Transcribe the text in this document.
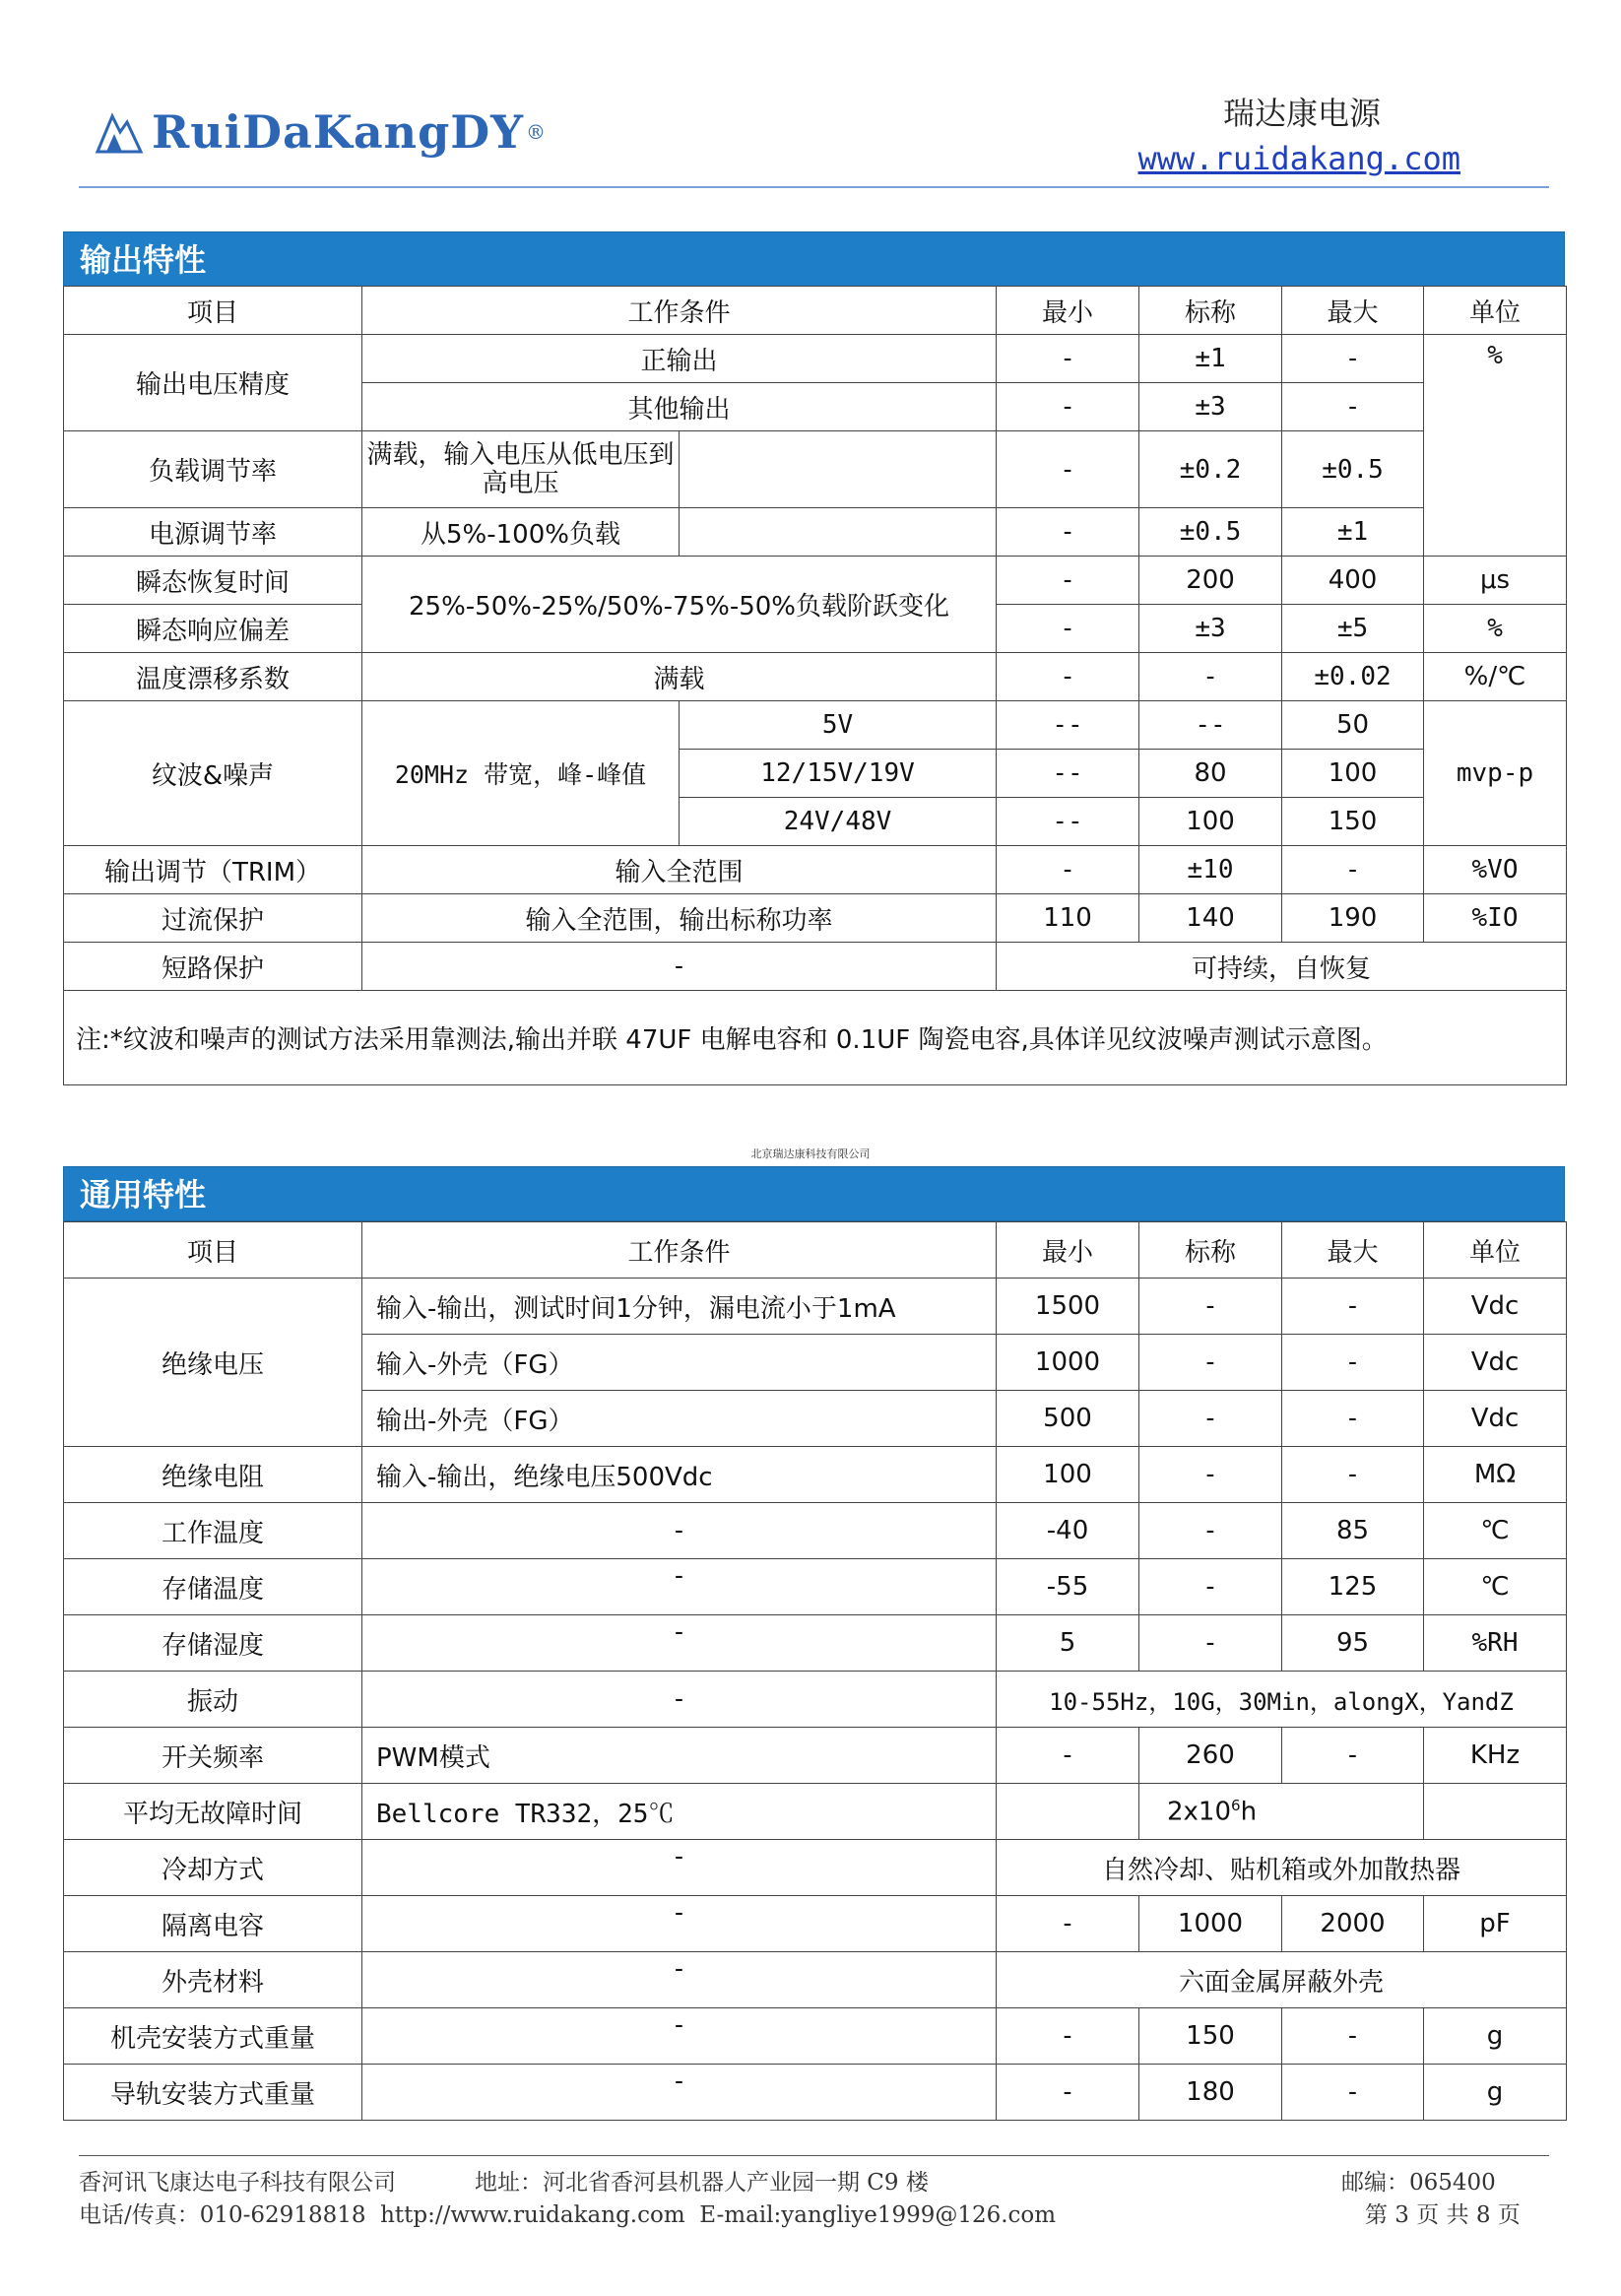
RuiDaKangDY ®	瑞达康电源
www.ruidakang.com
输出特性
项目	工作条件		最小	标称	最大	单位
输出电压精度	正输出		-	±1	-	%
	其他输出		-	±3	-	
负载调节率	满载，输入电压从低电压到高电压		-	±0.2	±0.5	
电源调节率	从5%-100%负载		-	±0.5	±1	
瞬态恢复时间	25%-50%-25%/50%-75%-50%负载阶跃变化		-	200	400	μs
瞬态响应偏差			-	±3	±5	%
温度漂移系数	满载		-	-	±0.02	%/℃
纹波&噪声	20MHz 带宽，峰-峰值	5V	--	--	50	mvp-p
		12/15V/19V	--	80	100	
		24V/48V	--	100	150	
输出调节（TRIM）	输入全范围		-	±10	-	%VO
过流保护	输入全范围，输出标称功率		110	140	190	%IO
短路保护	-		可持续，自恢复			
注:*纹波和噪声的测试方法采用靠测法,输出并联 47UF 电解电容和 0.1UF 陶瓷电容,具体详见纹波噪声测试示意图。						
北京瑞达康科技有限公司
通用特性
项目	工作条件	最小	标称	最大	单位
绝缘电压	输入-输出，测试时间1分钟，漏电流小于1mA	1500	-	-	Vdc
	输入-外壳（FG）	1000	-	-	Vdc
	输出-外壳（FG）	500	-	-	Vdc
绝缘电阻	输入-输出，绝缘电压500Vdc	100	-	-	MΩ
工作温度	-	-40	-	85	℃
存储温度	-	-55	-	125	℃
存储湿度	-	5	-	95	%RH
振动	-	10-55Hz，10G，30Min，alongX，YandZ			
开关频率	PWM模式	-	260	-	KHz
平均无故障时间	Bellcore TR332，25℃		$2x10^6h$		
冷却方式	-	自然冷却、贴机箱或外加散热器			
隔离电容	-	-	1000	2000	pF
外壳材料	-	六面金属屏蔽外壳			
机壳安装方式重量	-	-	150	-	g
导轨安装方式重量	-	-	180	-	g
香河讯飞康达电子科技有限公司	地址：河北省香河县机器人产业园一期 C9 楼	邮编：065400
电话/传真：010-62918818  http://www.ruidakang.com  E-mail:yangliye1999@126.com	第 3 页 共 8 页
